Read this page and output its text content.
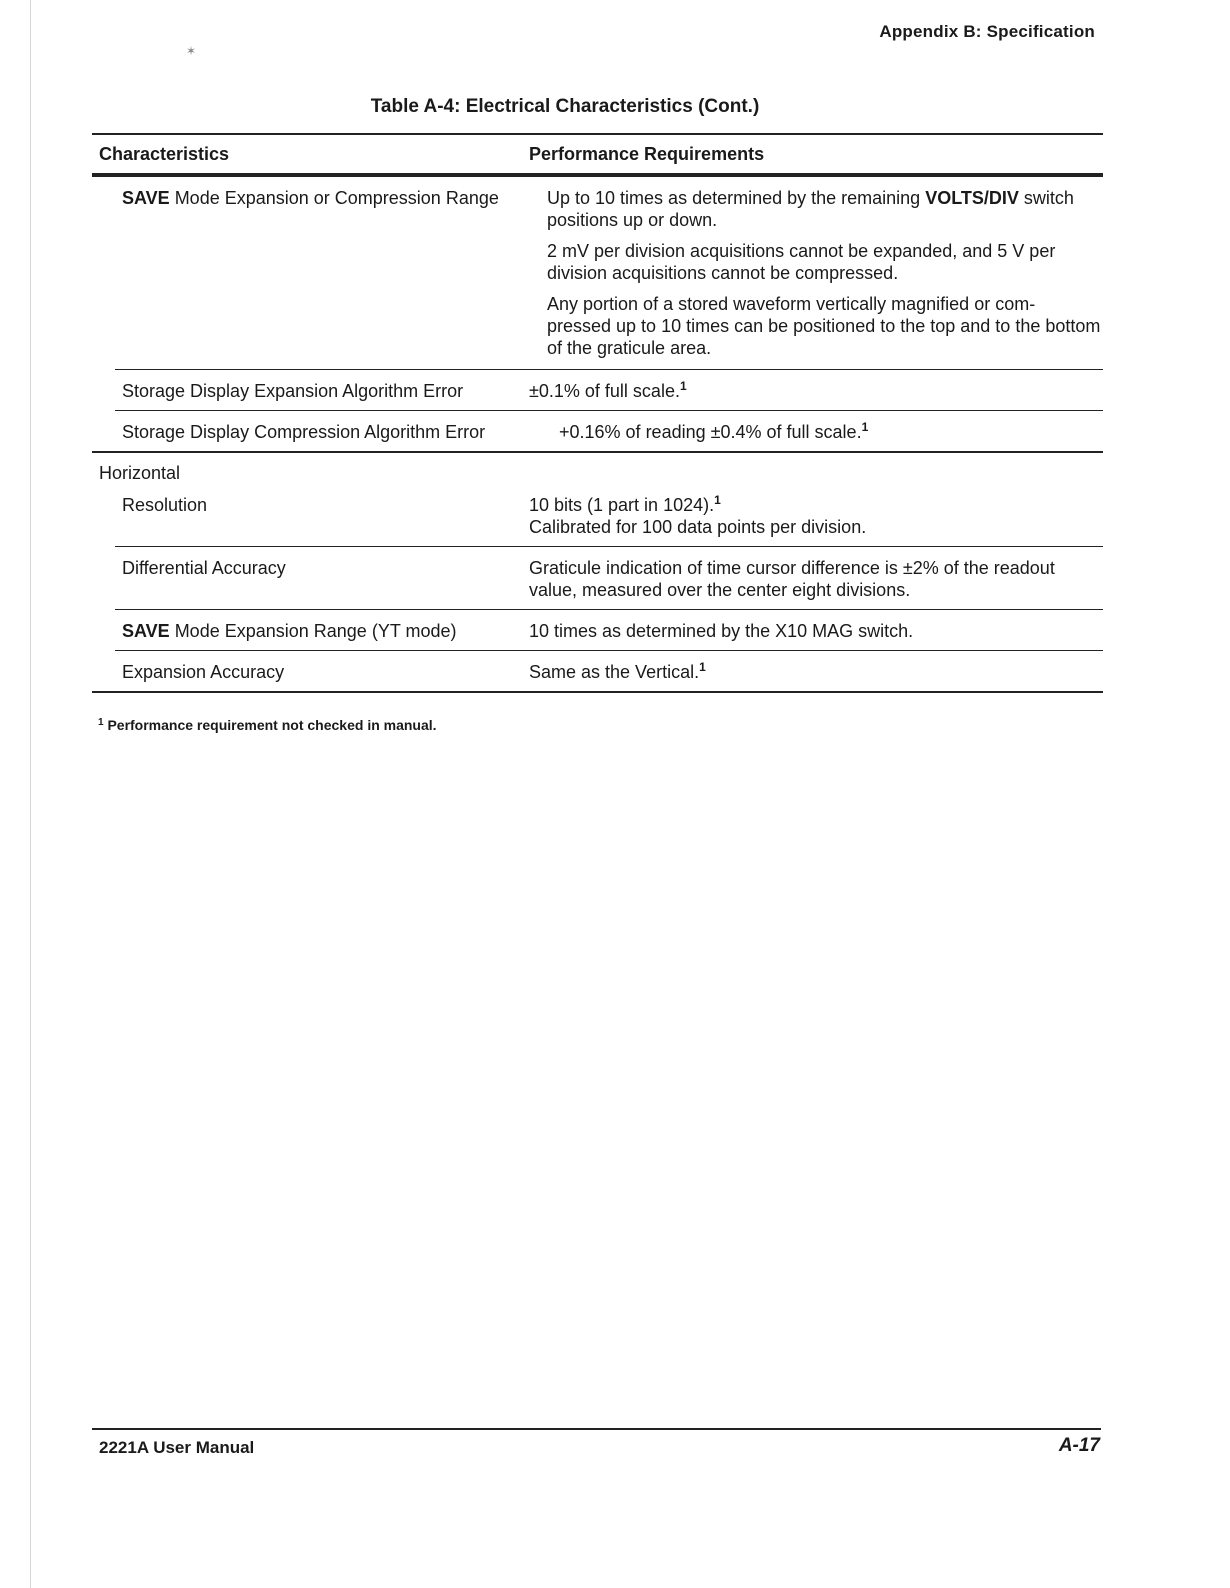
✶
Appendix B: Specification
Table A-4: Electrical Characteristics (Cont.)
Characteristics	Performance Requirements
SAVE Mode Expansion or Compression Range	Up to 10 times as determined by the remaining VOLTS/DIV switch positions up or down.

2 mV per division acquisitions cannot be expanded, and 5 V per division acquisitions cannot be compressed.

Any portion of a stored waveform vertically magnified or com- pressed up to 10 times can be positioned to the top and to the bottom of the graticule area.

Storage Display Expansion Algorithm Error	±0.1% of full scale.$^1$
Storage Display Compression Algorithm Error	+0.16% of reading ±0.4% of full scale.$^1$
Horizontal
Resolution	10 bits (1 part in 1024).$^1$
Calibrated for 100 data points per division.
Differential Accuracy	Graticule indication of time cursor difference is ±2% of the readout value, measured over the center eight divisions.
SAVE Mode Expansion Range (YT mode)	10 times as determined by the X10 MAG switch.
Expansion Accuracy	Same as the Vertical.$^1$
$^1$ Performance requirement not checked in manual.
2221A User Manual	A-17
